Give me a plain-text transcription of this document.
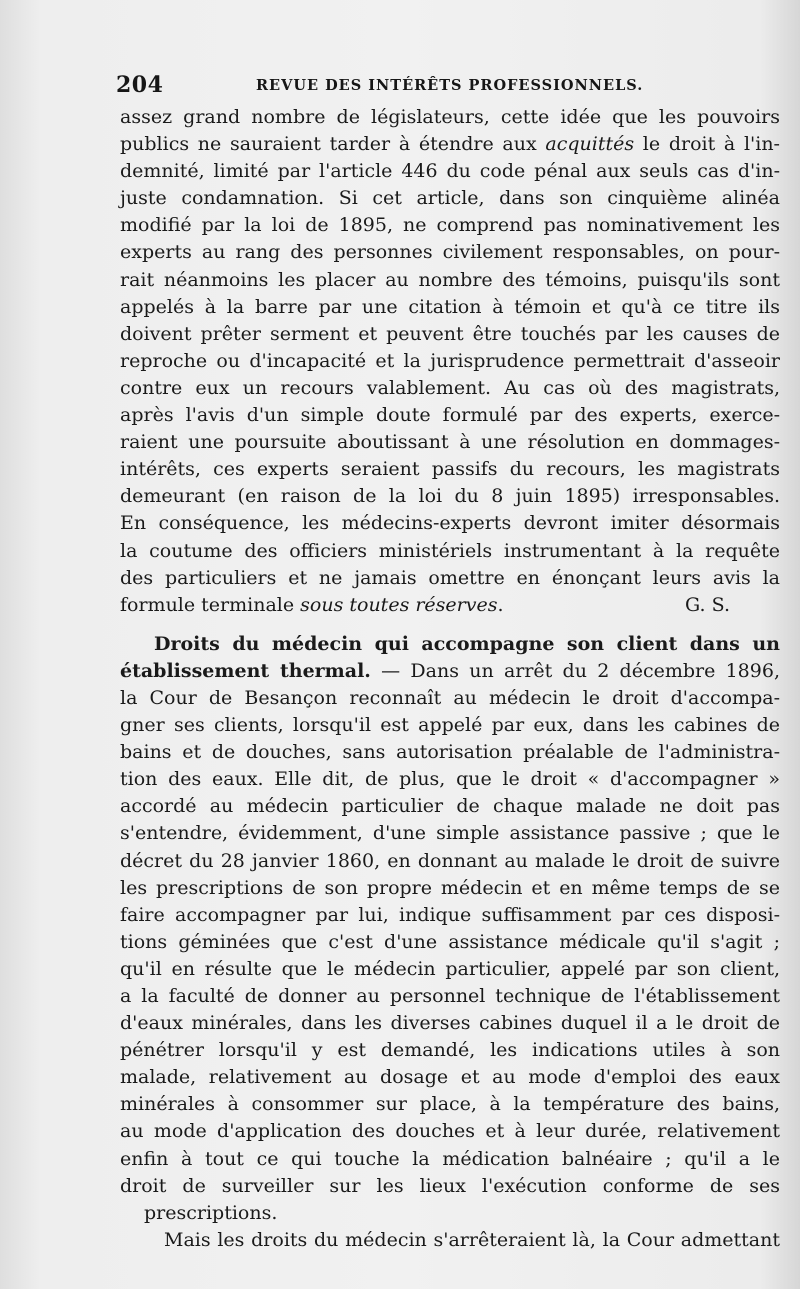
204	REVUE DES INTÉRÊTS PROFESSIONNELS.
assez grand nombre de législateurs, cette idée que les pouvoirs
publics ne sauraient tarder à étendre aux acquittés le droit à l'in-
demnité, limité par l'article 446 du code pénal aux seuls cas d'in-
juste condamnation. Si cet article, dans son cinquième alinéa
modifié par la loi de 1895, ne comprend pas nominativement les
experts au rang des personnes civilement responsables, on pour-
rait néanmoins les placer au nombre des témoins, puisqu'ils sont
appelés à la barre par une citation à témoin et qu'à ce titre ils
doivent prêter serment et peuvent être touchés par les causes de
reproche ou d'incapacité et la jurisprudence permettrait d'asseoir
contre eux un recours valablement. Au cas où des magistrats,
après l'avis d'un simple doute formulé par des experts, exerce-
raient une poursuite aboutissant à une résolution en dommages-
intérêts, ces experts seraient passifs du recours, les magistrats
demeurant (en raison de la loi du 8 juin 1895) irresponsables.
En conséquence, les médecins-experts devront imiter désormais
la coutume des officiers ministériels instrumentant à la requête
des particuliers et ne jamais omettre en énonçant leurs avis la
formule terminale sous toutes réserves.	G. S.
Droits du médecin qui accompagne son client dans un
établissement thermal. — Dans un arrêt du 2 décembre 1896,
la Cour de Besançon reconnaît au médecin le droit d'accompa-
gner ses clients, lorsqu'il est appelé par eux, dans les cabines de
bains et de douches, sans autorisation préalable de l'administra-
tion des eaux. Elle dit, de plus, que le droit « d'accompagner »
accordé au médecin particulier de chaque malade ne doit pas
s'entendre, évidemment, d'une simple assistance passive ; que le
décret du 28 janvier 1860, en donnant au malade le droit de suivre
les prescriptions de son propre médecin et en même temps de se
faire accompagner par lui, indique suffisamment par ces disposi-
tions géminées que c'est d'une assistance médicale qu'il s'agit ;
qu'il en résulte que le médecin particulier, appelé par son client,
a la faculté de donner au personnel technique de l'établissement
d'eaux minérales, dans les diverses cabines duquel il a le droit de
pénétrer lorsqu'il y est demandé, les indications utiles à son
malade, relativement au dosage et au mode d'emploi des eaux
minérales à consommer sur place, à la température des bains,
au mode d'application des douches et à leur durée, relativement
enfin à tout ce qui touche la médication balnéaire ; qu'il a le
droit de surveiller sur les lieux l'exécution conforme de ses
prescriptions.
Mais les droits du médecin s'arrêteraient là, la Cour admettant
